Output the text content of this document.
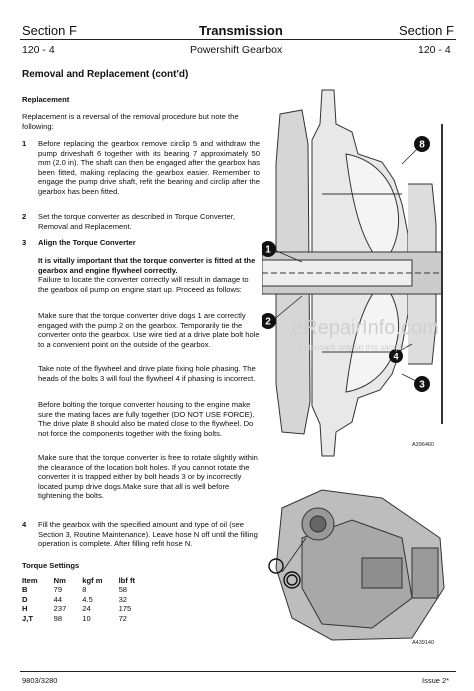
Section F	Transmission	Section F
120 - 4	Powershift Gearbox	120 - 4
Removal and Replacement (cont'd)
Replacement
Replacement is a reversal of the removal procedure but note the following:
1 Before replacing the gearbox remove circlip 5 and withdraw the pump driveshaft 6 together with its bearing 7 approximately 50 mm (2.0 in). The shaft can then be engaged after the gearbox has been fitted, making replacing the gearbox easier. Remember to engage the pump drive shaft, refit the bearing and circlip after the gearbox has been fitted.
2 Set the torque converter as described in Torque Converter, Removal and Replacement.
3 Align the Torque Converter
It is vitally important that the torque converter is fitted at the gearbox and engine flywheel correctly.
Failure to locate the converter correctly will result in damage to the gearbox oil pump on engine start up. Proceed as follows:
Make sure that the torque converter drive dogs 1 are correctly engaged with the pump 2 on the gearbox. Temporarily tie the converter onto the gearbox. Use wire tied at a drive plate bolt hole to a convenient point on the outside of the gearbox.
Take note of the flywheel and drive plate fixing hole phasing. The heads of the bolts 3 will foul the flywheel 4 if phasing is incorrect.
Before bolting the torque converter housing to the engine make sure the mating faces are fully together (DO NOT USE FORCE). The drive plate 8 should also be mated close to the flywheel. Do not force the components together with the fixing bolts.
Make sure that the torque converter is free to rotate slightly within the clearance of the location bolt holes. If you cannot rotate the converter it is trapped either by bolt heads 3 or by incorrectly located pump drive dogs.Make sure that all is well before tightening the bolts.
4 Fill the gearbox with the specified amount and type of oil (see Section 3, Routine Maintenance). Leave hose N off until the filling operation is complete. After filling refit hose N.
Torque Settings
Item	Nm	kgf m	lbf ft
B	79	8	58
D	44	4.5	32
H	237	24	175
J,T	98	10	72
8
1
2
4
3
eRepairInfo.com
watermark only on this sample
A396460
A439140
9803/3280	Issue 2*
